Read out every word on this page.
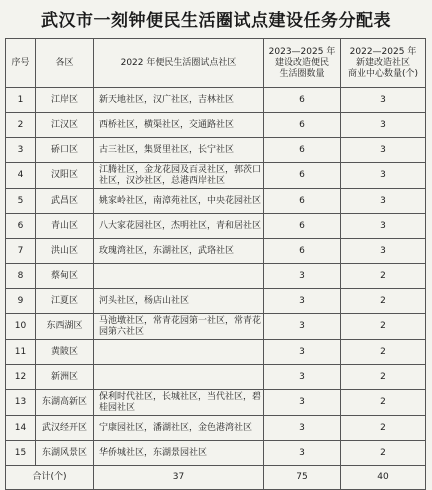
武汉市一刻钟便民生活圈试点建设任务分配表
序号	各区	2022 年便民生活圈试点社区	2023—2025 年
建设改造便民
生活圈数量	2022—2025 年
新建改造社区
商业中心数量(个)
1	江岸区	新天地社区，汉广社区，吉林社区	6	3
2	江汉区	西桥社区，横渠社区，交通路社区	6	3
3	硚口区	古三社区，集贤里社区，长宁社区	6	3
4	汉阳区	江腾社区，金龙花园及百灵社区，郭茨口社区，汉沙社区，总港西岸社区	6	3
5	武昌区	姚家岭社区，南漳苑社区，中央花园社区	6	3
6	青山区	八大家花园社区，杰明社区，青和居社区	6	3
7	洪山区	玫瑰湾社区，东湖社区，武珞社区	6	3
8	蔡甸区		3	2
9	江夏区	河头社区，杨店山社区	3	2
10	东西湖区	马池墩社区，常青花园第一社区，常青花园第六社区	3	2
11	黄陂区		3	2
12	新洲区		3	2
13	东湖高新区	保利时代社区，长城社区，当代社区，碧桂园社区	3	2
14	武汉经开区	宁康园社区，潘湖社区，金色港湾社区	3	2
15	东湖风景区	华侨城社区，东湖景园社区	3	2
合计(个)		37	75	40
